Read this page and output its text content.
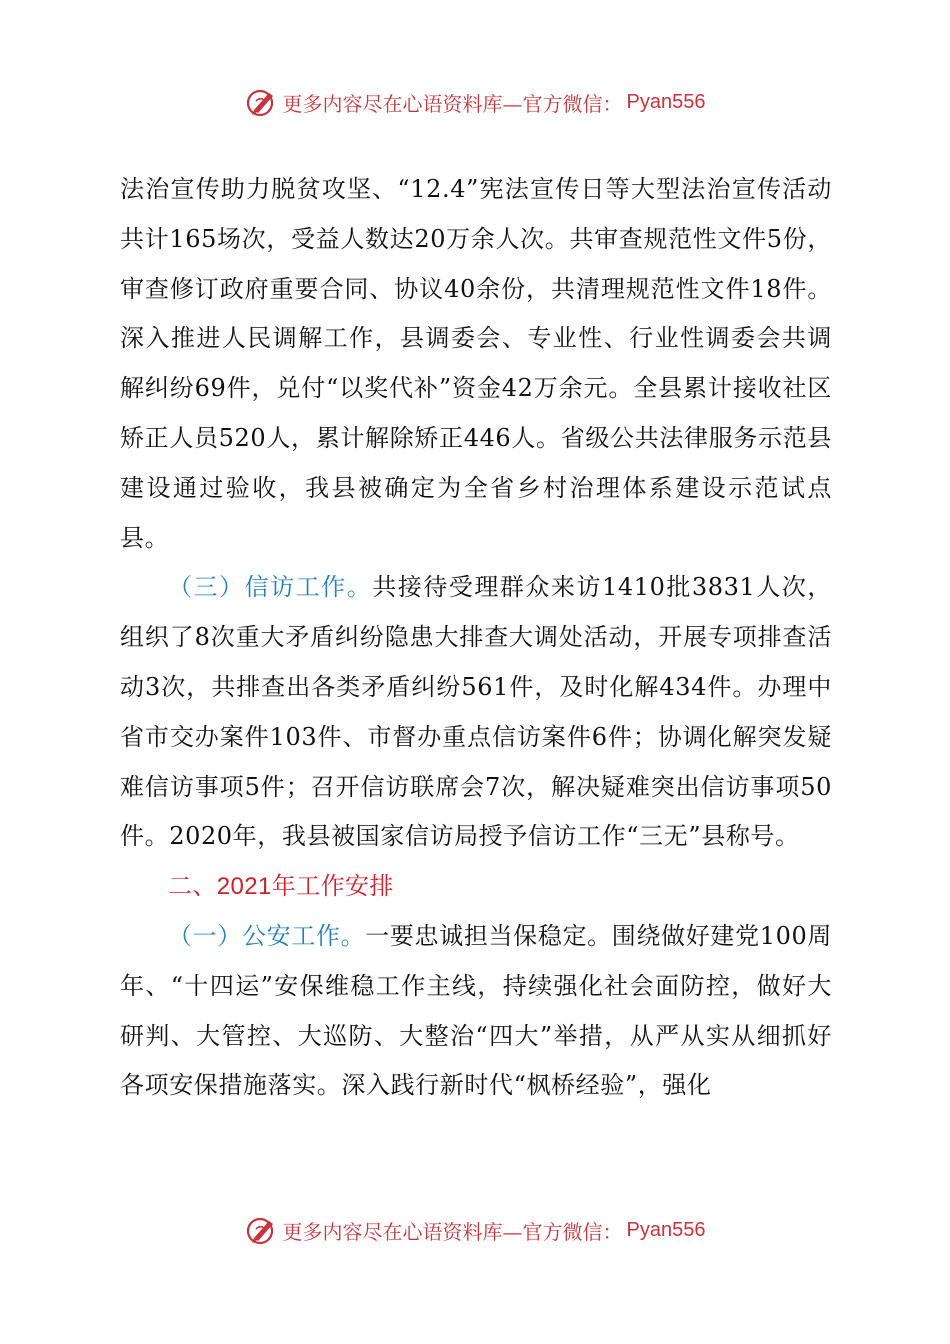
更多内容尽在心语资料库—官方微信： Pyan556

法治宣传助力脱贫攻坚、“12.4”宪法宣传日等大型法治宣传活动共计165场次，受益人数达20万余人次。共审查规范性文件5份，审查修订政府重要合同、协议40余份，共清理规范性文件18件。深入推进人民调解工作，县调委会、专业性、行业性调委会共调解纠纷69件，兑付“以奖代补”资金42万余元。全县累计接收社区矫正人员520人，累计解除矫正446人。省级公共法律服务示范县建设通过验收，我县被确定为全省乡村治理体系建设示范试点县。

（三）信访工作。共接待受理群众来访1410批3831人次，组织了8次重大矛盾纠纷隐患大排查大调处活动，开展专项排查活动3次，共排查出各类矛盾纠纷561件，及时化解434件。办理中省市交办案件103件、市督办重点信访案件6件；协调化解突发疑难信访事项5件；召开信访联席会7次，解决疑难突出信访事项50件。2020年，我县被国家信访局授予信访工作“三无”县称号。

二、2021年工作安排

（一）公安工作。一要忠诚担当保稳定。围绕做好建党100周年、“十四运”安保维稳工作主线，持续强化社会面防控，做好大研判、大管控、大巡防、大整治“四大”举措，从严从实从细抓好各项安保措施落实。深入践行新时代“枫桥经验”，强化

更多内容尽在心语资料库—官方微信： Pyan556
